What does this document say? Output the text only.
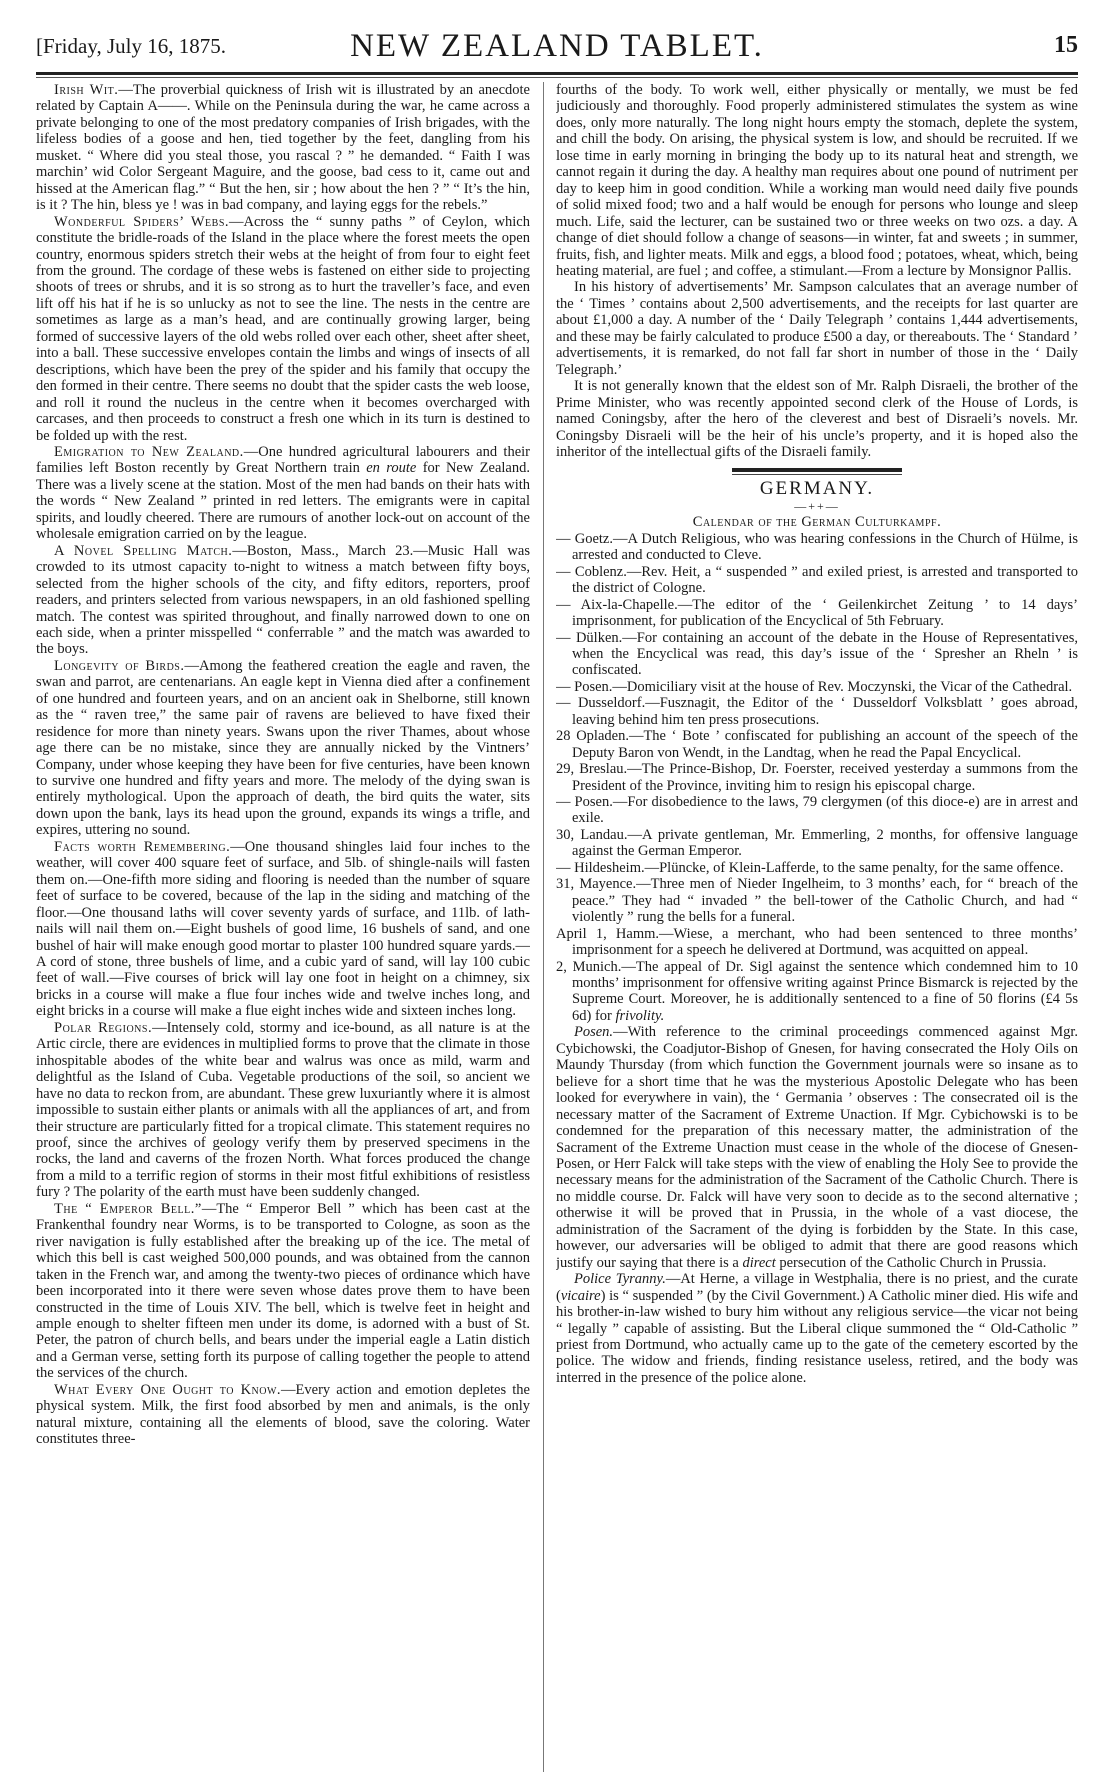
[Friday, July 16, 1875.	NEW ZEALAND TABLET.	15

Irish Wit.—The proverbial quickness of Irish wit is illustrated by an anecdote related by Captain A——. While on the Peninsula during the war, he came across a private belonging to one of the most predatory companies of Irish brigades, with the lifeless bodies of a goose and hen, tied together by the feet, dangling from his musket. “ Where did you steal those, you rascal ? ” he demanded. “ Faith I was marchin’ wid Color Sergeant Maguire, and the goose, bad cess to it, came out and hissed at the American flag.” “ But the hen, sir ; how about the hen ? ” “ It’s the hin, is it ? The hin, bless ye ! was in bad company, and laying eggs for the rebels.”

Wonderful Spiders’ Webs.—Across the “ sunny paths ” of Ceylon, which constitute the bridle-roads of the Island in the place where the forest meets the open country, enormous spiders stretch their webs at the height of from four to eight feet from the ground. The cordage of these webs is fastened on either side to projecting shoots of trees or shrubs, and it is so strong as to hurt the traveller’s face, and even lift off his hat if he is so unlucky as not to see the line. The nests in the centre are sometimes as large as a man’s head, and are continually growing larger, being formed of successive layers of the old webs rolled over each other, sheet after sheet, into a ball. These successive envelopes contain the limbs and wings of insects of all descriptions, which have been the prey of the spider and his family that occupy the den formed in their centre. There seems no doubt that the spider casts the web loose, and roll it round the nucleus in the centre when it becomes overcharged with carcases, and then proceeds to construct a fresh one which in its turn is destined to be folded up with the rest.

Emigration to New Zealand.—One hundred agricultural labourers and their families left Boston recently by Great Northern train en route for New Zealand. There was a lively scene at the station. Most of the men had bands on their hats with the words “ New Zealand ” printed in red letters. The emigrants were in capital spirits, and loudly cheered. There are rumours of another lock-out on account of the wholesale emigration carried on by the league.

A Novel Spelling Match.—Boston, Mass., March 23.—Music Hall was crowded to its utmost capacity to-night to witness a match between fifty boys, selected from the higher schools of the city, and fifty editors, reporters, proof readers, and printers selected from various newspapers, in an old fashioned spelling match. The contest was spirited throughout, and finally narrowed down to one on each side, when a printer misspelled “ conferrable ” and the match was awarded to the boys.

Longevity of Birds.—Among the feathered creation the eagle and raven, the swan and parrot, are centenarians. An eagle kept in Vienna died after a confinement of one hundred and fourteen years, and on an ancient oak in Shelborne, still known as the “ raven tree,” the same pair of ravens are believed to have fixed their residence for more than ninety years. Swans upon the river Thames, about whose age there can be no mistake, since they are annually nicked by the Vintners’ Company, under whose keeping they have been for five centuries, have been known to survive one hundred and fifty years and more. The melody of the dying swan is entirely mythological. Upon the approach of death, the bird quits the water, sits down upon the bank, lays its head upon the ground, expands its wings a trifle, and expires, uttering no sound.

Facts worth Remembering.—One thousand shingles laid four inches to the weather, will cover 400 square feet of surface, and 5lb. of shingle-nails will fasten them on.—One-fifth more siding and flooring is needed than the number of square feet of surface to be covered, because of the lap in the siding and matching of the floor.—One thousand laths will cover seventy yards of surface, and 11lb. of lath-nails will nail them on.—Eight bushels of good lime, 16 bushels of sand, and one bushel of hair will make enough good mortar to plaster 100 hundred square yards.—A cord of stone, three bushels of lime, and a cubic yard of sand, will lay 100 cubic feet of wall.—Five courses of brick will lay one foot in height on a chimney, six bricks in a course will make a flue four inches wide and twelve inches long, and eight bricks in a course will make a flue eight inches wide and sixteen inches long.

Polar Regions.—Intensely cold, stormy and ice-bound, as all nature is at the Artic circle, there are evidences in multiplied forms to prove that the climate in those inhospitable abodes of the white bear and walrus was once as mild, warm and delightful as the Island of Cuba. Vegetable productions of the soil, so ancient we have no data to reckon from, are abundant. These grew luxuriantly where it is almost impossible to sustain either plants or animals with all the appliances of art, and from their structure are particularly fitted for a tropical climate. This statement requires no proof, since the archives of geology verify them by preserved specimens in the rocks, the land and caverns of the frozen North. What forces produced the change from a mild to a terrific region of storms in their most fitful exhibitions of resistless fury ? The polarity of the earth must have been suddenly changed.

The “ Emperor Bell.”—The “ Emperor Bell ” which has been cast at the Frankenthal foundry near Worms, is to be transported to Cologne, as soon as the river navigation is fully established after the breaking up of the ice. The metal of which this bell is cast weighed 500,000 pounds, and was obtained from the cannon taken in the French war, and among the twenty-two pieces of ordinance which have been incorporated into it there were seven whose dates prove them to have been constructed in the time of Louis XIV. The bell, which is twelve feet in height and ample enough to shelter fifteen men under its dome, is adorned with a bust of St. Peter, the patron of church bells, and bears under the imperial eagle a Latin distich and a German verse, setting forth its purpose of calling together the people to attend the services of the church.

What Every One Ought to Know.—Every action and emotion depletes the physical system. Milk, the first food absorbed by men and animals, is the only natural mixture, containing all the elements of blood, save the coloring. Water constitutes three-

fourths of the body. To work well, either physically or mentally, we must be fed judiciously and thoroughly. Food properly administered stimulates the system as wine does, only more naturally. The long night hours empty the stomach, deplete the system, and chill the body. On arising, the physical system is low, and should be recruited. If we lose time in early morning in bringing the body up to its natural heat and strength, we cannot regain it during the day. A healthy man requires about one pound of nutriment per day to keep him in good condition. While a working man would need daily five pounds of solid mixed food; two and a half would be enough for persons who lounge and sleep much. Life, said the lecturer, can be sustained two or three weeks on two ozs. a day. A change of diet should follow a change of seasons—in winter, fat and sweets ; in summer, fruits, fish, and lighter meats. Milk and eggs, a blood food ; potatoes, wheat, which, being heating material, are fuel ; and coffee, a stimulant.—From a lecture by Monsignor Pallis.

In his history of advertisements’ Mr. Sampson calculates that an average number of the ‘ Times ’ contains about 2,500 advertisements, and the receipts for last quarter are about £1,000 a day. A number of the ‘ Daily Telegraph ’ contains 1,444 advertisements, and these may be fairly calculated to produce £500 a day, or thereabouts. The ‘ Standard ’ advertisements, it is remarked, do not fall far short in number of those in the ‘ Daily Telegraph.’

It is not generally known that the eldest son of Mr. Ralph Disraeli, the brother of the Prime Minister, who was recently appointed second clerk of the House of Lords, is named Coningsby, after the hero of the cleverest and best of Disraeli’s novels. Mr. Coningsby Disraeli will be the heir of his uncle’s property, and it is hoped also the inheritor of the intellectual gifts of the Disraeli family.

GERMANY.
—++—

Calendar of the German Culturkampf.

— Goetz.—A Dutch Religious, who was hearing confessions in the Church of Hülme, is arrested and conducted to Cleve.

— Coblenz.—Rev. Heit, a “ suspended ” and exiled priest, is arrested and transported to the district of Cologne.

— Aix-la-Chapelle.—The editor of the ‘ Geilenkirchet Zeitung ’ to 14 days’ imprisonment, for publication of the Encyclical of 5th February.

— Dülken.—For containing an account of the debate in the House of Representatives, when the Encyclical was read, this day’s issue of the ‘ Spresher an Rheln ’ is confiscated.

— Posen.—Domiciliary visit at the house of Rev. Moczynski, the Vicar of the Cathedral.

— Dusseldorf.—Fusznagit, the Editor of the ‘ Dusseldorf Volksblatt ’ goes abroad, leaving behind him ten press prosecutions.

28 Opladen.—The ‘ Bote ’ confiscated for publishing an account of the speech of the Deputy Baron von Wendt, in the Landtag, when he read the Papal Encyclical.

29, Breslau.—The Prince-Bishop, Dr. Foerster, received yesterday a summons from the President of the Province, inviting him to resign his episcopal charge.

— Posen.—For disobedience to the laws, 79 clergymen (of this dioce-e) are in arrest and exile.

30, Landau.—A private gentleman, Mr. Emmerling, 2 months, for offensive language against the German Emperor.

— Hildesheim.—Plüncke, of Klein-Lafferde, to the same penalty, for the same offence.

31, Mayence.—Three men of Nieder Ingelheim, to 3 months’ each, for “ breach of the peace.” They had “ invaded ” the bell-tower of the Catholic Church, and had “ violently ” rung the bells for a funeral.

April 1, Hamm.—Wiese, a merchant, who had been sentenced to three months’ imprisonment for a speech he delivered at Dortmund, was acquitted on appeal.

2, Munich.—The appeal of Dr. Sigl against the sentence which condemned him to 10 months’ imprisonment for offensive writing against Prince Bismarck is rejected by the Supreme Court. Moreover, he is additionally sentenced to a fine of 50 florins (£4 5s 6d) for frivolity.

Posen.—With reference to the criminal proceedings commenced against Mgr. Cybichowski, the Coadjutor-Bishop of Gnesen, for having consecrated the Holy Oils on Maundy Thursday (from which function the Government journals were so insane as to believe for a short time that he was the mysterious Apostolic Delegate who has been looked for everywhere in vain), the ‘ Germania ’ observes : The consecrated oil is the necessary matter of the Sacrament of Extreme Unaction. If Mgr. Cybichowski is to be condemned for the preparation of this necessary matter, the administration of the Sacrament of the Extreme Unaction must cease in the whole of the diocese of Gnesen-Posen, or Herr Falck will take steps with the view of enabling the Holy See to provide the necessary means for the administration of the Sacrament of the Catholic Church. There is no middle course. Dr. Falck will have very soon to decide as to the second alternative ; otherwise it will be proved that in Prussia, in the whole of a vast diocese, the administration of the Sacrament of the dying is forbidden by the State. In this case, however, our adversaries will be obliged to admit that there are good reasons which justify our saying that there is a direct persecution of the Catholic Church in Prussia.

Police Tyranny.—At Herne, a village in Westphalia, there is no priest, and the curate (vicaire) is “ suspended ” (by the Civil Government.) A Catholic miner died. His wife and his brother-in-law wished to bury him without any religious service—the vicar not being “ legally ” capable of assisting. But the Liberal clique summoned the “ Old-Catholic ” priest from Dortmund, who actually came up to the gate of the cemetery escorted by the police. The widow and friends, finding resistance useless, retired, and the body was interred in the presence of the police alone.
